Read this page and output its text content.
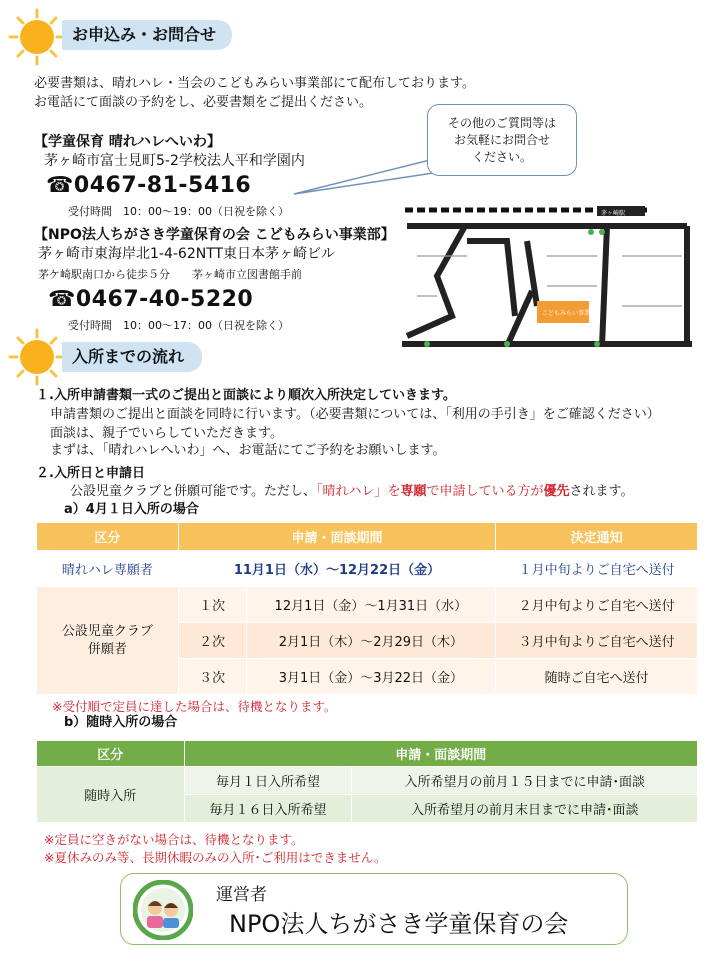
お申込み・お問合せ
必要書類は、晴れハレ・当会のこどもみらい事業部にて配布しております。
お電話にて面談の予約をし、必要書類をご提出ください。
その他のご質問等は
お気軽にお問合せ
ください。
【学童保育 晴れハレへいわ】
茅ヶ崎市富士見町5-2学校法人平和学園内
☎0467-81-5416
受付時間　10：00～19：00（日祝を除く）
【NPO法人ちがさき学童保育の会 こどもみらい事業部】
茅ヶ崎市東海岸北1-4-62NTT東日本茅ヶ崎ビル
茅ケ崎駅南口から徒歩５分　　茅ヶ崎市立図書館手前
☎0467-40-5220
受付時間　10：00～17：00（日祝を除く）
茅ヶ崎駅
こどもみらい事業部
入所までの流れ
１.入所申請書類一式のご提出と面談により順次入所決定していきます。
申請書類のご提出と面談を同時に行います。（必要書類については、「利用の手引き」をご確認ください）
面談は、親子でいらしていただきます。
まずは、「晴れハレへいわ」へ、お電話にてご予約をお願いします。
２.入所日と申請日
公設児童クラブと併願可能です。ただし、「晴れハレ」を専願で申請している方が優先されます。
a）4月１日入所の場合
区分	申請・面談期間		決定通知
晴れハレ専願者	11月1日（水）～12月22日（金）		１月中旬よりご自宅へ送付

公設児童クラブ
併願者	１次	12月1日（金）～1月31日（水）	２月中旬よりご自宅へ送付
	２次	2月1日（木）～2月29日（木）	３月中旬よりご自宅へ送付
	３次	3月1日（金）～3月22日（金）	随時ご自宅へ送付
※受付順で定員に達した場合は、待機となります。
b）随時入所の場合
区分	申請・面談期間	
随時入所	毎月１日入所希望	入所希望月の前月１５日までに申請･面談
	毎月１６日入所希望	入所希望月の前月末日までに申請･面談
※定員に空きがない場合は、待機となります。
※夏休みのみ等、長期休暇のみの入所･ご利用はできません。
運営者
NPO法人ちがさき学童保育の会
